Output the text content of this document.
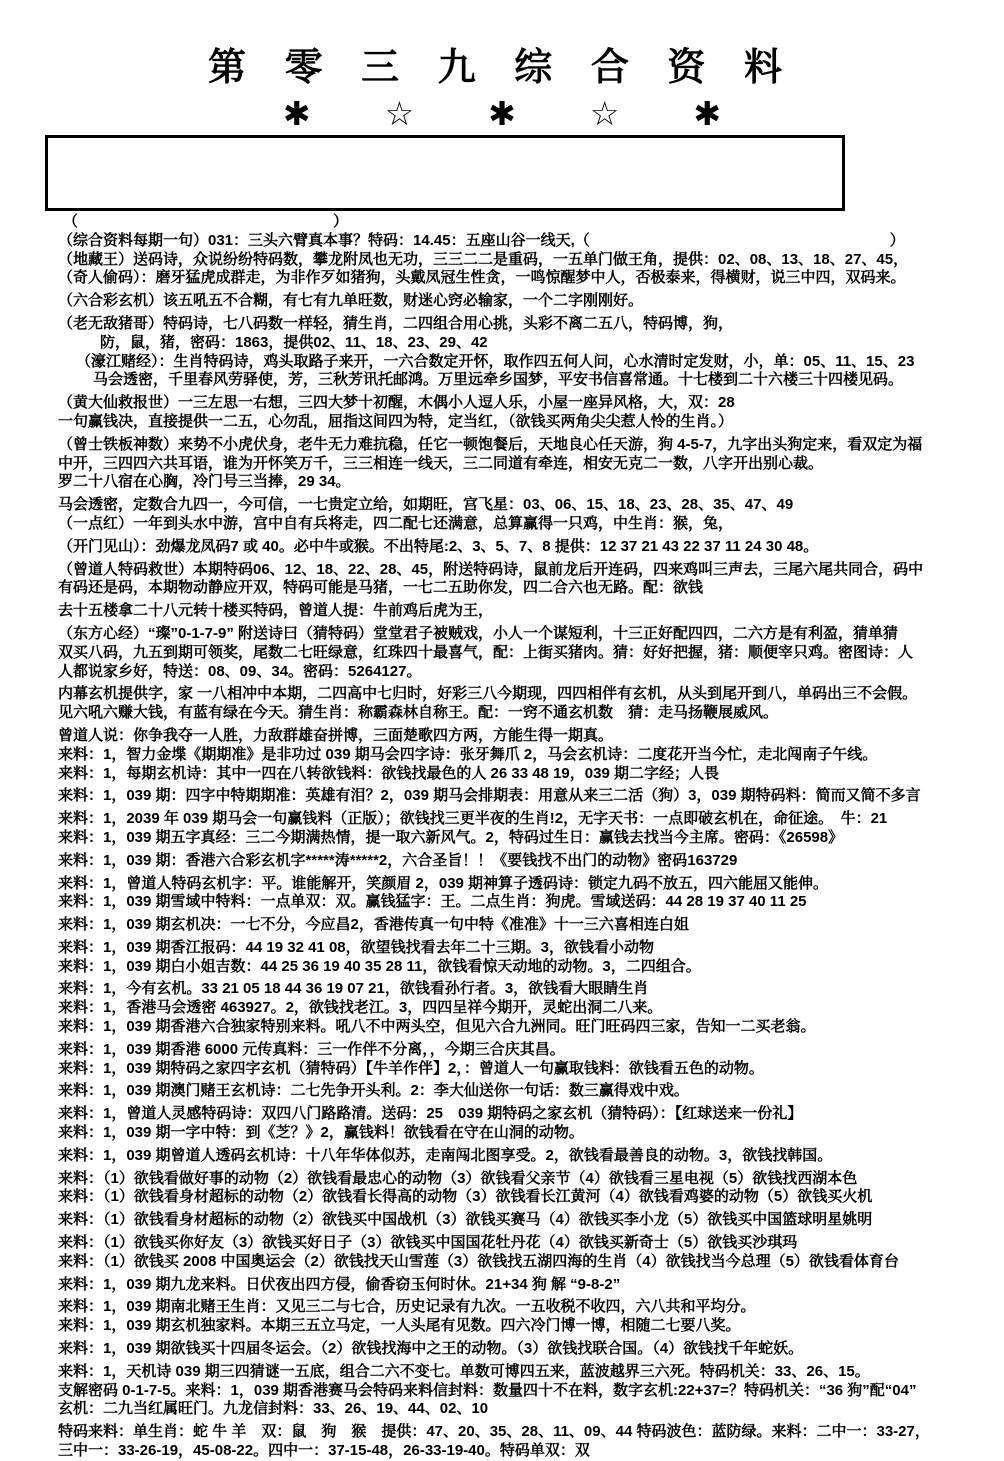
第 零 三 九 综 合 资 料
✱ ☆ ✱ ☆ ✱
（　　　　　　　　　　　　　　　　　）
（综合资料每期一句）031：三头六臂真本事？特码：14.45：五座山谷一线天,（　　　　　　　　　　　　　　　　　　　　）
（地藏王）送码诗，众说纷纷特码数，攀龙附凤也无功，三三二二是重码，一五单门做王角，提供：02、08、13、18、27、45，
（奇人偷码）：磨牙猛虎成群走，为非作歹如猪狗，头戴凤冠生性贪，一鸣惊醒梦中人，否极泰来，得横财，说三中四，双码来。
（六合彩玄机）该五吼五不合糊，有七有九单旺数，财迷心窍必输家，一个二字刚刚好。
（老无敌猪哥）特码诗，七八码数一样轻，猜生肖，二四组合用心挑，头彩不离二五八，特码博，狗，
防，鼠，猪，密码：1863，提供02、11、18、23、29、42
（濠江赌经）：生肖特码诗，鸡头取路子来开，一六合数定开怀，取作四五何人问，心水清时定发财，小，单：05、11、15、23
马会透密，千里春风劳驿使，芳，三秋芳讯托邮鸿。万里远牵乡国梦，平安书信喜常通。十七楼到二十六楼三十四楼见码。
（黄大仙救报世）一三左思一右想，三四大梦十初醒，木偶小人逗人乐，小屋一座异风格，大，双：28
一句赢钱决，直接提供一二五，心勿乱，屈指这间四为特，定当红，（欲钱买两角尖尖惹人怜的生肖。）
（曾士铁板神数）来势不小虎伏身，老牛无力难抗稳，任它一顿饱餐后，天地良心任天游，狗 4-5-7，九字出头狗定来，看双定为福
中开，三四四六共耳语，谁为开怀笑万千，三三相连一线天，三二同道有牵连，相安无克二一数，八字开出别心裁。
罗二十八宿在心胸，冷门号三当捧，29 34。
马会透密，定数合九四一，今可信，一七贵定立给，如期旺，宫飞星：03、06、15、18、23、28、35、47、49
（一点红）一年到头水中游，宫中自有兵将走，四二配七还满意，总算赢得一只鸡，中生肖：猴，兔，
（开门见山）：劲爆龙凤码7 或 40。必中牛或猴。不出特尾:2、3、5、7、8 提供：12 37 21 43 22 37 11 24 30 48。
（曾道人特码救世）本期特码06、12、18、22、28、45，附送特码诗，鼠前龙后开连码，四来鸡叫三声去，三尾六尾共同合，码中
有码还是码，本期物动静应开双，特码可能是马猪，一七二五助你发，四二合六也无路。配：欲钱
去十五楼拿二十八元转十楼买特码，曾道人提：牛前鸡后虎为王，
（东方心经）“璨”0-1-7-9” 附送诗曰（猜特码）堂堂君子被贼戏，小人一个谋短利，十三正好配四四，二六方是有利盈，猜单猜
双买八码，九五到期可领奖，尾数二七旺绿意，红珠四十最喜气，配：上街买猪肉。猜：好好把握，猪：顺便宰只鸡。密图诗：人
人都说家乡好，特送：08、09、34。密码：5264127。
内幕玄机提供字，家 一八相冲中本期，二四高中七归时，好彩三八今期现，四四相伴有玄机，从头到尾开到八，单码出三不会假。
见六吼六赚大钱，有蓝有绿在今天。猜生肖：称霸森林自称王。配：一窍不通玄机数　猜：走马扬鞭展威风。
曾道人说：你争我夺一人胜，力敌群雄奋拼博，三面楚歌四方两，方能生得一期真。
来料：1，智力金堞《期期准》是非功过 039 期马会四字诗：张牙舞爪 2，马会玄机诗：二度花开当今忙，走北闯南子午线。
来料：1，每期玄机诗：其中一四在八转欲钱料：欲钱找最色的人 26 33 48 19，039 期二字经；人畏
来料：1，039 期：四字中特期期准：英雄有泪？2，039 期马会排期表：用意从来三二活（狗）3，039 期特码料：简而又简不多言
来料：1，2039 年 039 期马会一句赢钱料（正版）；欲钱找三更半夜的生肖!2，无字天书：一点即破玄机在，命征途。　牛：21
来料：1，039 期五字真经：三二今期满热情，提一取六新风气。2，特码过生日：赢钱去找当今主席。密码：《26598》
来料：1，039 期：香港六合彩玄机字*****涛*****2，六合圣旨！！《要钱找不出门的动物》密码163729
来料：1，曾道人特码玄机字：平。谁能解开，笑颜眉 2，039 期神算子透码诗：锁定九码不放五，四六能屈又能伸。
来料：1，039 期雪域中特料：一点单双：双。赢钱猛字：王。二点生肖：狗虎。雪域送码：44 28 19 37 40 11 25
来料：1，039 期玄机决：一七不分，今应昌2，香港传真一句中特《准准》十一三六喜相连白姐
来料：1，039 期香江报码：44 19 32 41 08，欲望钱找看去年二十三期。3，欲钱看小动物
来料：1，039 期白小姐吉数：44 25 36 19 40 35 28 11，欲钱看惊天动地的动物。3，二四组合。
来料：1，今有玄机。33 21 05 18 44 36 19 07 21，欲钱看孙行者。3，欲钱看大眼睛生肖
来料：1，香港马会透密 463927。2，欲钱找老江。3，四四呈祥今期开，灵蛇出洞二八来。
来料：1，039 期香港六合独家特别来料。吼八不中两头空，但见六合九洲同。旺门旺码四三家，告知一二买老翁。
来料：1，039 期香港 6000 元传真料：三一作伴不分离，，今期三合庆其昌。
来料：1，039 期特码之家四字玄机（猜特码）【牛羊作伴】2，：曾道人一句赢取钱料：欲钱看五色的动物。
来料：1，039 期澳门赌王玄机诗：二七先争开头利。2：李大仙送你一句话：数三赢得戏中戏。
来料：1，曾道人灵感特码诗：双四八门路路清。送码：25　039 期特码之家玄机（猜特码）：【红球送来一份礼】
来料：1，039 期一字中特：到《芝？》2，赢钱料！欲钱看在守在山洞的动物。
来料：1，039 期曾道人透码玄机诗：十八年华体似苏，走南闯北图享受。2，欲钱看最善良的动物。3，欲钱找韩国。
来料：（1）欲钱看做好事的动物（2）欲钱看最忠心的动物（3）欲钱看父亲节（4）欲钱看三星电视（5）欲钱找西湖本色
来料：（1）欲钱看身材超标的动物（2）欲钱看长得高的动物（3）欲钱看长江黄河（4）欲钱看鸡婆的动物（5）欲钱买火机
来料：（1）欲钱看身材超标的动物（2）欲钱买中国战机（3）欲钱买赛马（4）欲钱买李小龙（5）欲钱买中国篮球明星姚明
来料：（1）欲钱买你好友（3）欲钱买好日子（3）欲钱买中国国花牡丹花（4）欲钱买新奇士（5）欲钱买沙琪玛
来料：（1）欲钱买 2008 中国奥运会（2）欲钱找天山雪莲（3）欲钱找五湖四海的生肖（4）欲钱找当今总理（5）欲钱看体育台
来料：1，039 期九龙来料。日伏夜出四方侵，偷香窃玉何时休。21+34 狗 解 “9-8-2”
来料：1，039 期南北赌王生肖：又见三二与七合，历史记录有九次。一五收税不收四，六八共和平均分。
来料：1，039 期玄机独家料。本期三五立马定，一人头尾有见数。四六冷门博一博，相随二七要八奖。
来料：1，039 期欲钱买十四届冬运会。（2）欲钱找海中之王的动物。（3）欲钱找联合国。（4）欲钱找千年蛇妖。
来料：1，天机诗 039 期三四猜谜一五底，组合二六不变七。单数可博四五来，蓝波越界三六死。特码机关：33、26、15。
支解密码 0-1-7-5。来料：1，039 期香港赛马会特码来料信封料：数量四十不在料，数字玄机:22+37=？特码机关：“36 狗”配“04”
玄机：二九当红属旺门。九龙信封料：33、26、19、44、02、10
特码来料：单生肖：蛇 牛 羊　双：鼠　狗　猴　提供：47、20、35、28、11、09、44 特码波色：蓝防绿。来料：二中一：33-27，
三中一：33-26-19，45-08-22。四中一：37-15-48，26-33-19-40。特码单双：双
